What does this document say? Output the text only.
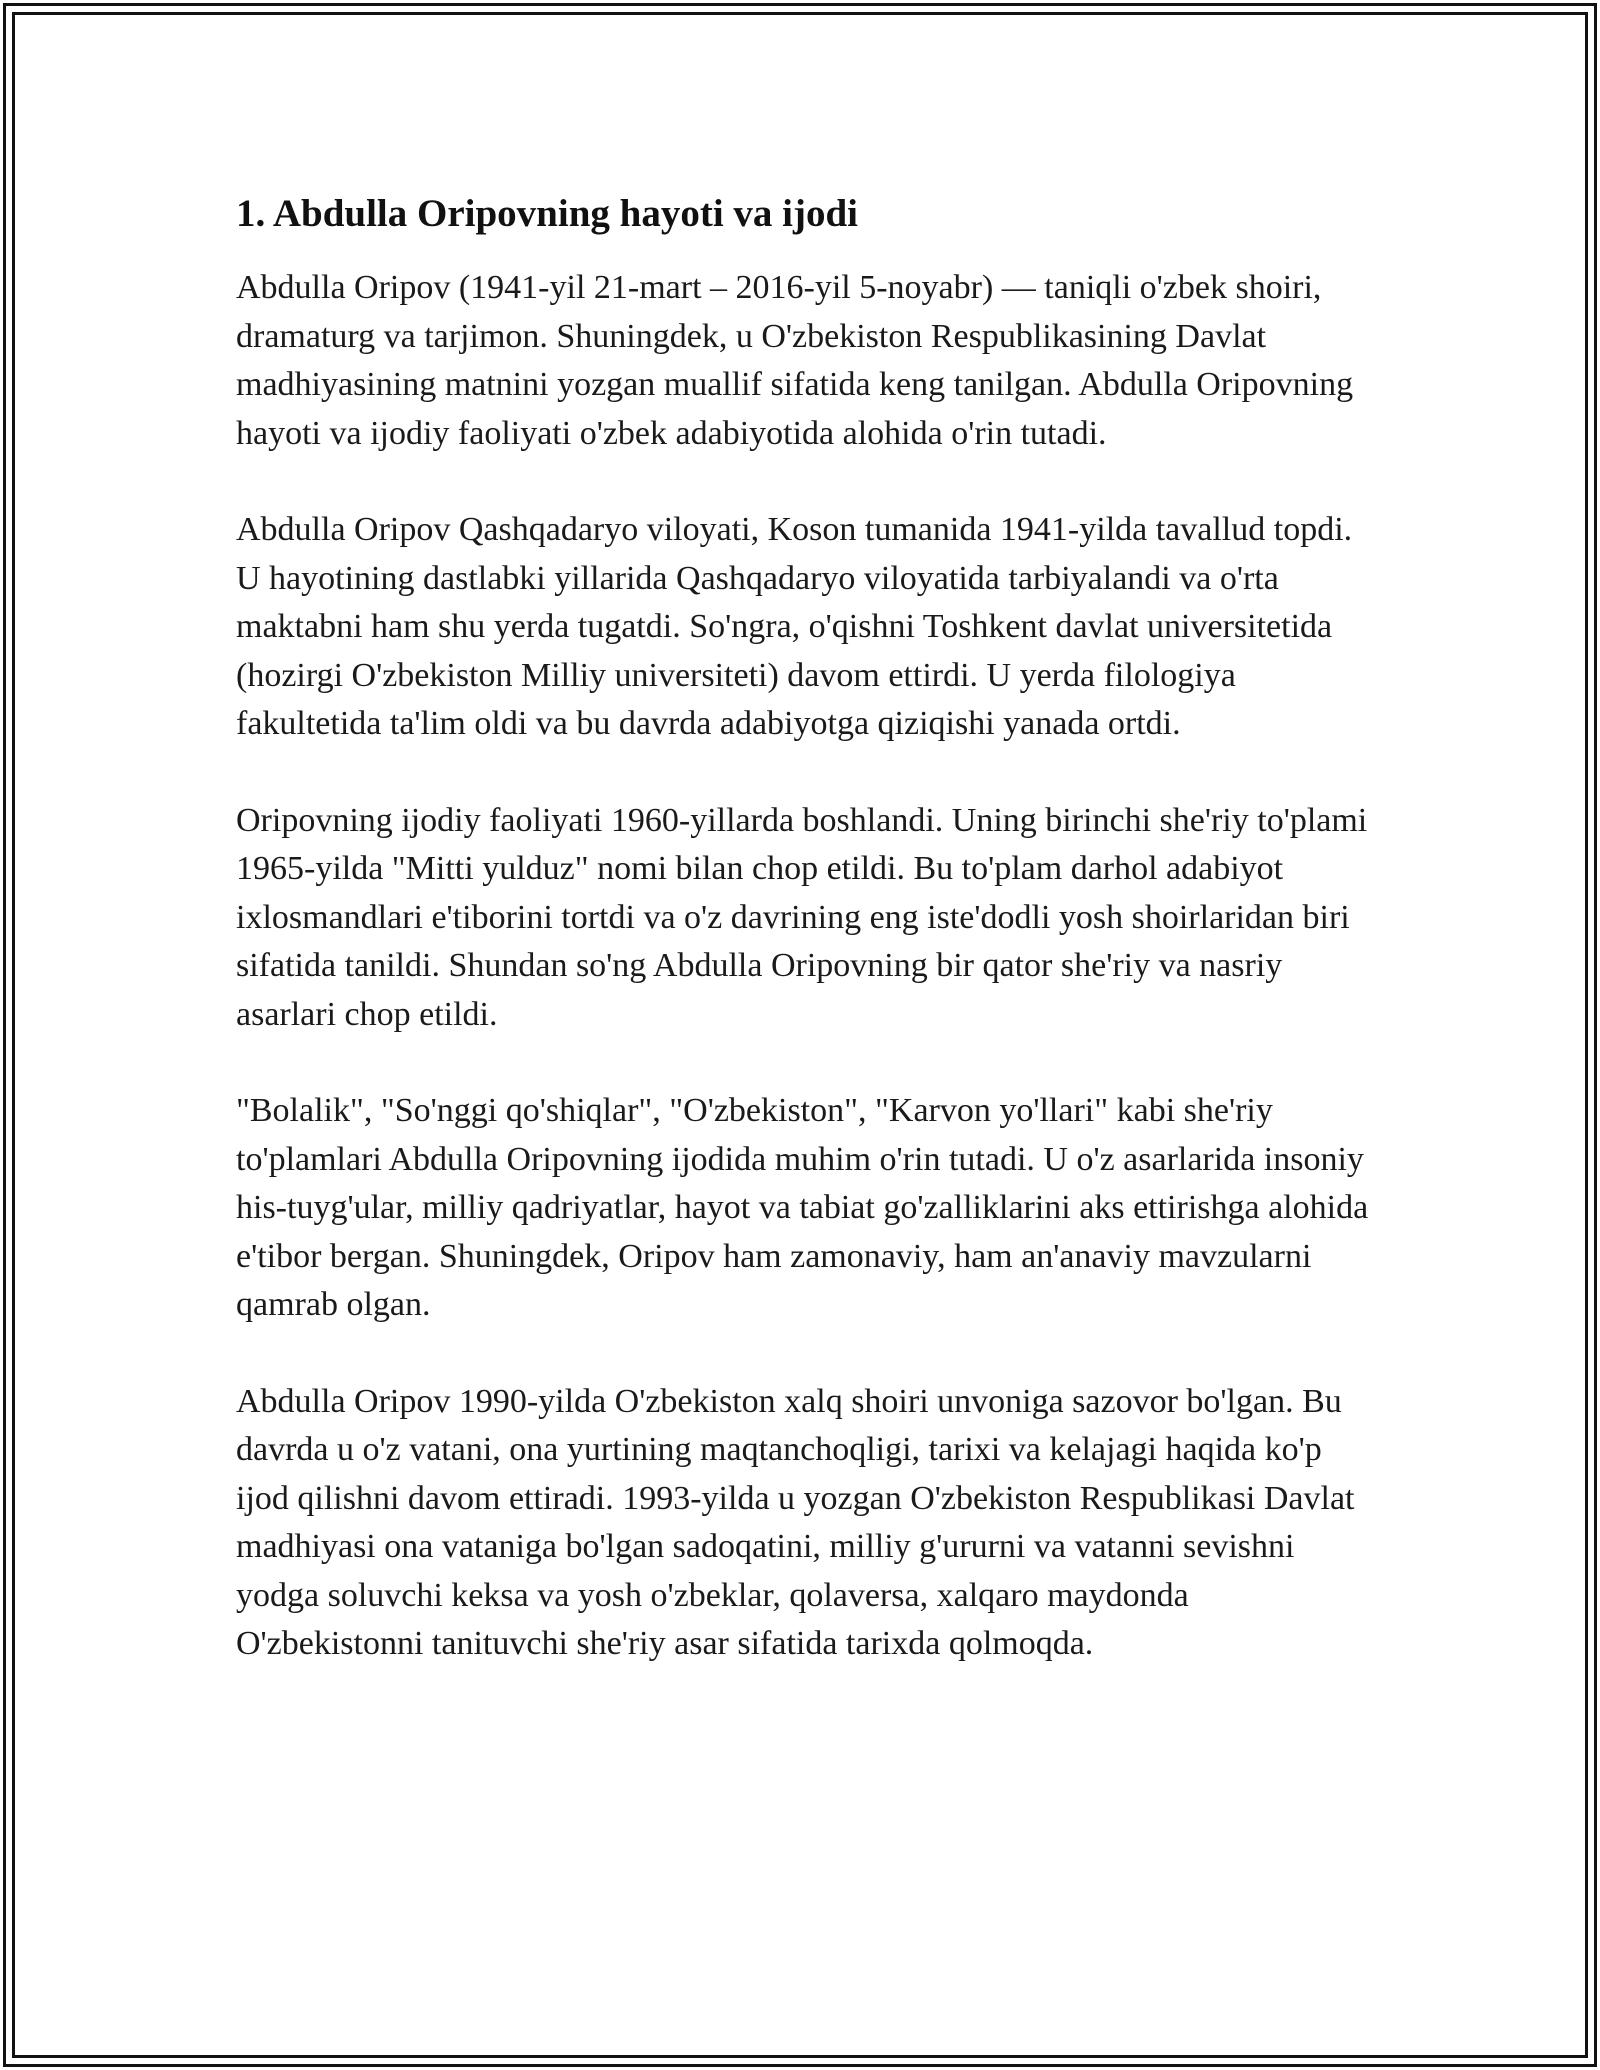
1. Abdulla Oripovning hayoti va ijodi

Abdulla Oripov (1941-yil 21-mart – 2016-yil 5-noyabr) — taniqli o'zbek shoiri, dramaturg va tarjimon. Shuningdek, u O'zbekiston Respublikasining Davlat madhiyasining matnini yozgan muallif sifatida keng tanilgan. Abdulla Oripovning hayoti va ijodiy faoliyati o'zbek adabiyotida alohida o'rin tutadi.

Abdulla Oripov Qashqadaryo viloyati, Koson tumanida 1941-yilda tavallud topdi. U hayotining dastlabki yillarida Qashqadaryo viloyatida tarbiyalandi va o'rta maktabni ham shu yerda tugatdi. So'ngra, o'qishni Toshkent davlat universitetida (hozirgi O'zbekiston Milliy universiteti) davom ettirdi. U yerda filologiya fakultetida ta'lim oldi va bu davrda adabiyotga qiziqishi yanada ortdi.

Oripovning ijodiy faoliyati 1960-yillarda boshlandi. Uning birinchi she'riy to'plami 1965-yilda "Mitti yulduz" nomi bilan chop etildi. Bu to'plam darhol adabiyot ixlosmandlari e'tiborini tortdi va o'z davrining eng iste'dodli yosh shoirlaridan biri sifatida tanildi. Shundan so'ng Abdulla Oripovning bir qator she'riy va nasriy asarlari chop etildi.

"Bolalik", "So'nggi qo'shiqlar", "O'zbekiston", "Karvon yo'llari" kabi she'riy to'plamlari Abdulla Oripovning ijodida muhim o'rin tutadi. U o'z asarlarida insoniy his-tuyg'ular, milliy qadriyatlar, hayot va tabiat go'zalliklarini aks ettirishga alohida e'tibor bergan. Shuningdek, Oripov ham zamonaviy, ham an'anaviy mavzularni qamrab olgan.

Abdulla Oripov 1990-yilda O'zbekiston xalq shoiri unvoniga sazovor bo'lgan. Bu davrda u o'z vatani, ona yurtining maqtanchoqligi, tarixi va kelajagi haqida ko'p ijod qilishni davom ettiradi. 1993-yilda u yozgan O'zbekiston Respublikasi Davlat madhiyasi ona vataniga bo'lgan sadoqatini, milliy g'ururni va vatanni sevishni yodga soluvchi keksa va yosh o'zbeklar, qolaversa, xalqaro maydonda O'zbekistonni tanituvchi she'riy asar sifatida tarixda qolmoqda.
